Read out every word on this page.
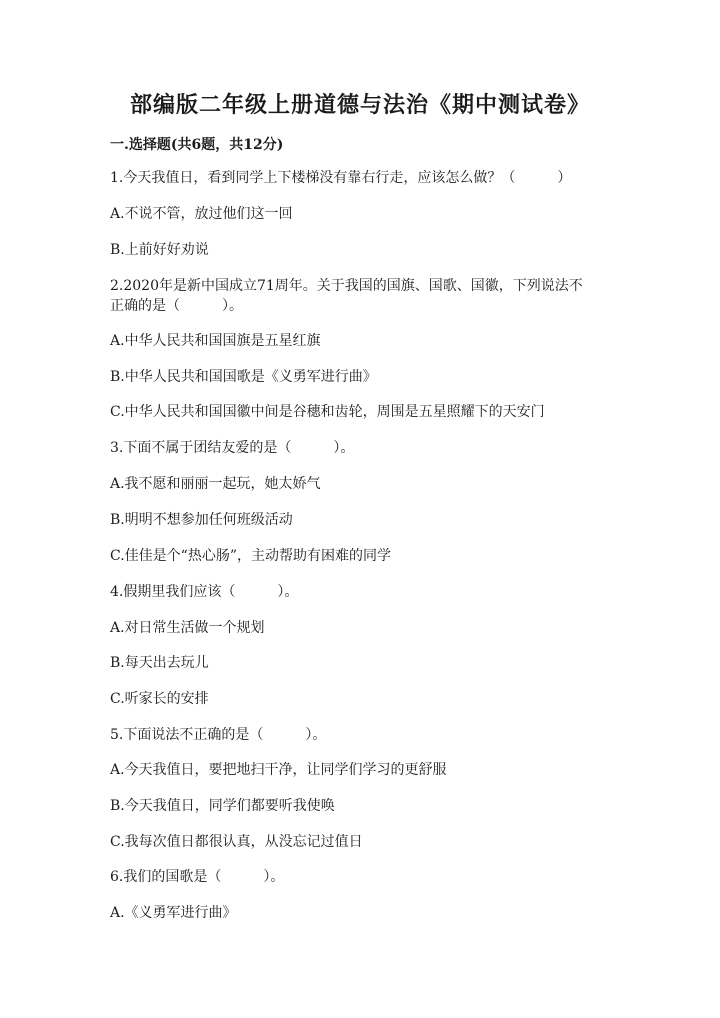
部编版二年级上册道德与法治《期中测试卷》
一.选择题(共6题，共12分)
1.今天我值日，看到同学上下楼梯没有靠右行走，应该怎么做？（　　　）
A.不说不管，放过他们这一回
B.上前好好劝说
2.2020年是新中国成立71周年。关于我国的国旗、国歌、国徽，下列说法不
正确的是（　　　）。
A.中华人民共和国国旗是五星红旗
B.中华人民共和国国歌是《义勇军进行曲》
C.中华人民共和国国徽中间是谷穗和齿轮，周围是五星照耀下的天安门
3.下面不属于团结友爱的是（　　　）。
A.我不愿和丽丽一起玩，她太娇气
B.明明不想参加任何班级活动
C.佳佳是个“热心肠”，主动帮助有困难的同学
4.假期里我们应该（　　　）。
A.对日常生活做一个规划
B.每天出去玩儿
C.听家长的安排
5.下面说法不正确的是（　　　）。
A.今天我值日，要把地扫干净，让同学们学习的更舒服
B.今天我值日，同学们都要听我使唤
C.我每次值日都很认真，从没忘记过值日
6.我们的国歌是（　　　）。
A.《义勇军进行曲》
